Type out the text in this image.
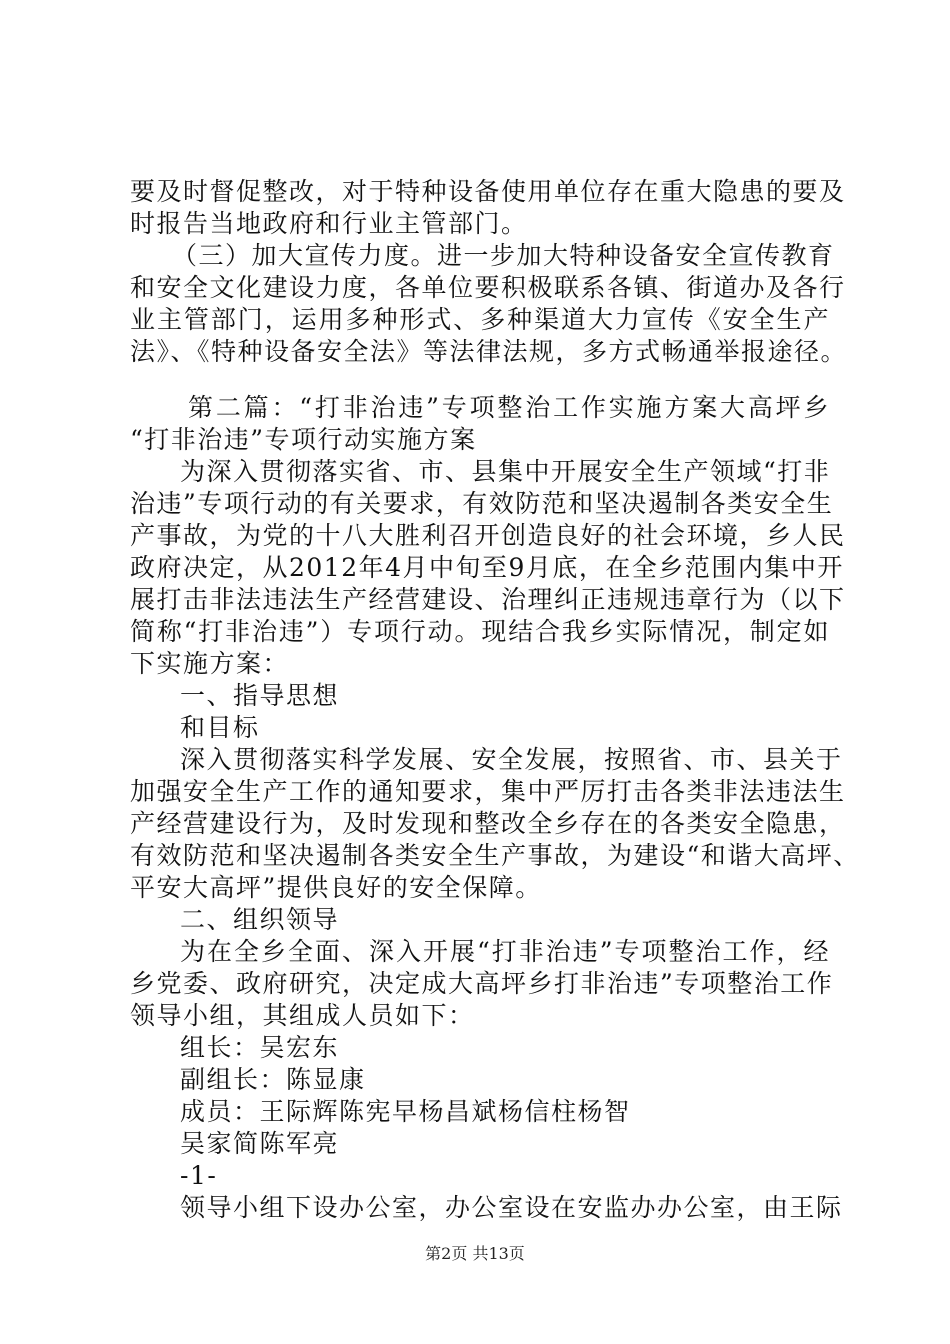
要及时督促整改，对于特种设备使用单位存在重大隐患的要及
时报告当地政府和行业主管部门。
（三）加大宣传力度。进一步加大特种设备安全宣传教育
和安全文化建设力度，各单位要积极联系各镇、街道办及各行
业主管部门，运用多种形式、多种渠道大力宣传《安全生产
法》、《特种设备安全法》等法律法规，多方式畅通举报途径。
第二篇：“打非治违”专项整治工作实施方案大高坪乡
“打非治违”专项行动实施方案
为深入贯彻落实省、市、县集中开展安全生产领域“打非
治违”专项行动的有关要求，有效防范和坚决遏制各类安全生
产事故，为党的十八大胜利召开创造良好的社会环境，乡人民
政府决定，从2012年4月中旬至9月底，在全乡范围内集中开
展打击非法违法生产经营建设、治理纠正违规违章行为（以下
简称“打非治违”）专项行动。现结合我乡实际情况，制定如
下实施方案：
一、指导思想
和目标
深入贯彻落实科学发展、安全发展，按照省、市、县关于
加强安全生产工作的通知要求，集中严厉打击各类非法违法生
产经营建设行为，及时发现和整改全乡存在的各类安全隐患，
有效防范和坚决遏制各类安全生产事故，为建设“和谐大高坪、
平安大高坪”提供良好的安全保障。
二、组织领导
为在全乡全面、深入开展“打非治违”专项整治工作，经
乡党委、政府研究，决定成大高坪乡打非治违”专项整治工作
领导小组，其组成人员如下：
组长：吴宏东
副组长：陈显康
成员：王际辉陈宪早杨昌斌杨信柱杨智
吴家简陈军亮
-1-
领导小组下设办公室，办公室设在安监办办公室，由王际
第2页 共13页
